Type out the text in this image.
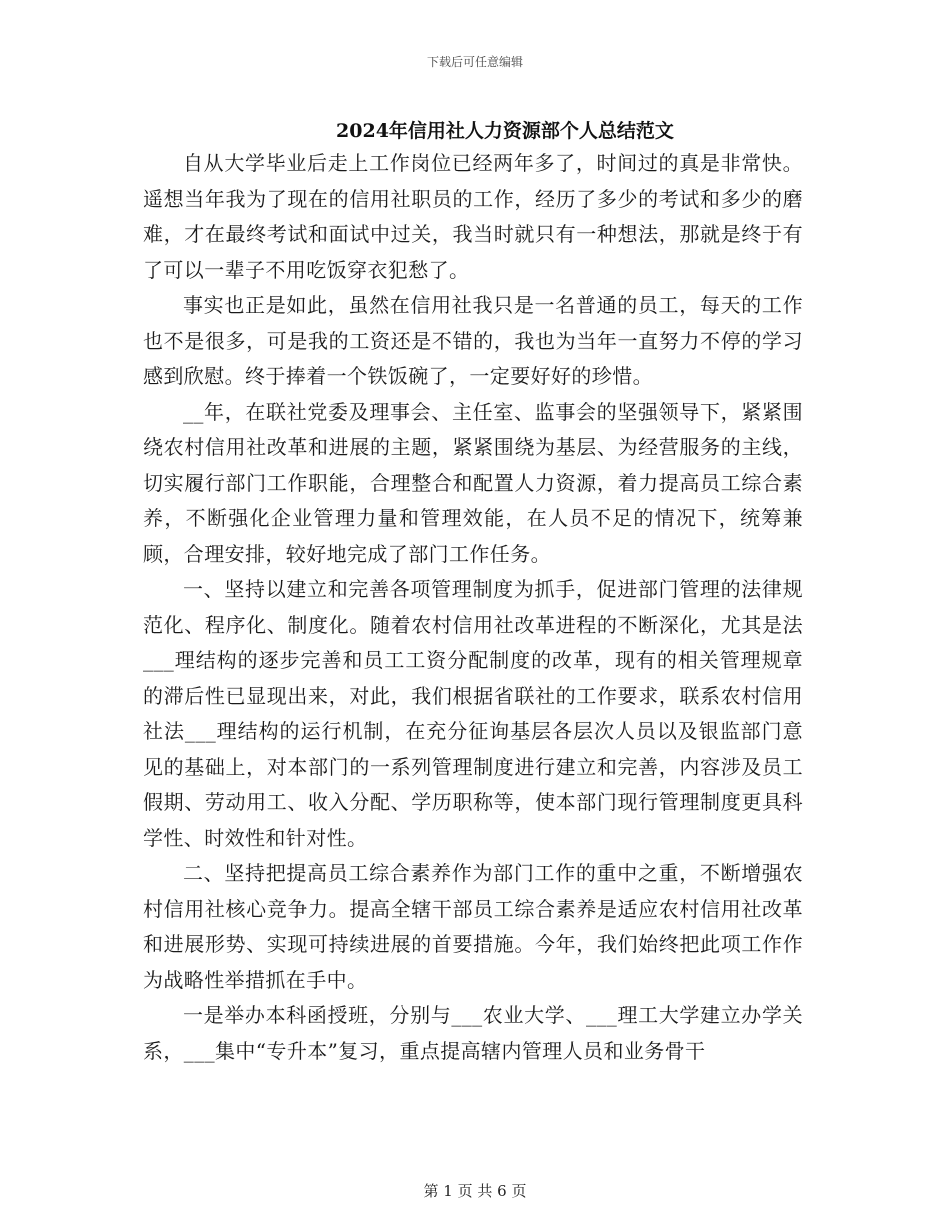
下载后可任意编辑
2024年信用社人力资源部个人总结范文

自从大学毕业后走上工作岗位已经两年多了，时间过的真是非常快。遥想当年我为了现在的信用社职员的工作，经历了多少的考试和多少的磨难，才在最终考试和面试中过关，我当时就只有一种想法，那就是终于有了可以一辈子不用吃饭穿衣犯愁了。

事实也正是如此，虽然在信用社我只是一名普通的员工，每天的工作也不是很多，可是我的工资还是不错的，我也为当年一直努力不停的学习感到欣慰。终于捧着一个铁饭碗了，一定要好好的珍惜。

__年，在联社党委及理事会、主任室、监事会的坚强领导下，紧紧围绕农村信用社改革和进展的主题，紧紧围绕为基层、为经营服务的主线，切实履行部门工作职能，合理整合和配置人力资源，着力提高员工综合素养，不断强化企业管理力量和管理效能，在人员不足的情况下，统筹兼顾，合理安排，较好地完成了部门工作任务。

一、坚持以建立和完善各项管理制度为抓手，促进部门管理的法律规范化、程序化、制度化。随着农村信用社改革进程的不断深化，尤其是法___理结构的逐步完善和员工工资分配制度的改革，现有的相关管理规章的滞后性已显现出来，对此，我们根据省联社的工作要求，联系农村信用社法___理结构的运行机制，在充分征询基层各层次人员以及银监部门意见的基础上，对本部门的一系列管理制度进行建立和完善，内容涉及员工假期、劳动用工、收入分配、学历职称等，使本部门现行管理制度更具科学性、时效性和针对性。

二、坚持把提高员工综合素养作为部门工作的重中之重，不断增强农村信用社核心竞争力。提高全辖干部员工综合素养是适应农村信用社改革和进展形势、实现可持续进展的首要措施。今年，我们始终把此项工作作为战略性举措抓在手中。

一是举办本科函授班，分别与___农业大学、___理工大学建立办学关系，___集中“专升本”复习，重点提高辖内管理人员和业务骨干

第 1 页 共 6 页
